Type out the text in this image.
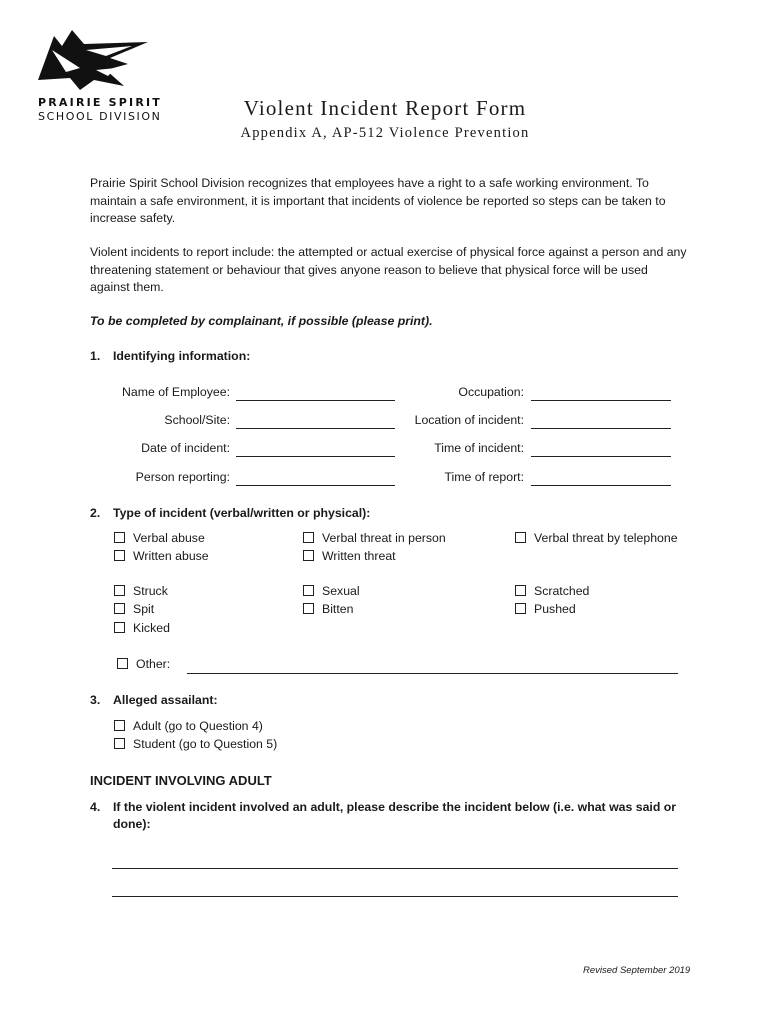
PRAIRIE SPIRIT
SCHOOL DIVISION	Violent Incident Report Form
Appendix A, AP-512 Violence Prevention
Prairie Spirit School Division recognizes that employees have a right to a safe working environment. To maintain a safe environment, it is important that incidents of violence be reported so steps can be taken to increase safety.
Violent incidents to report include: the attempted or actual exercise of physical force against a person and any threatening statement or behaviour that gives anyone reason to believe that physical force will be used against them.
To be completed by complainant, if possible (please print).
1. Identifying information:
Name of Employee:	Occupation:
School/Site:	Location of incident:
Date of incident:	Time of incident:
Person reporting:	Time of report:
2. Type of incident (verbal/written or physical):
Verbal abuse
Written abuse
Verbal threat in person
Written threat
Verbal threat by telephone
Struck
Spit
Kicked
Sexual
Bitten
Scratched
Pushed
Other:
3. Alleged assailant:
Adult (go to Question 4)
Student (go to Question 5)
INCIDENT INVOLVING ADULT
4.	If the violent incident involved an adult, please describe the incident below (i.e. what was said or done):
Revised September 2019
